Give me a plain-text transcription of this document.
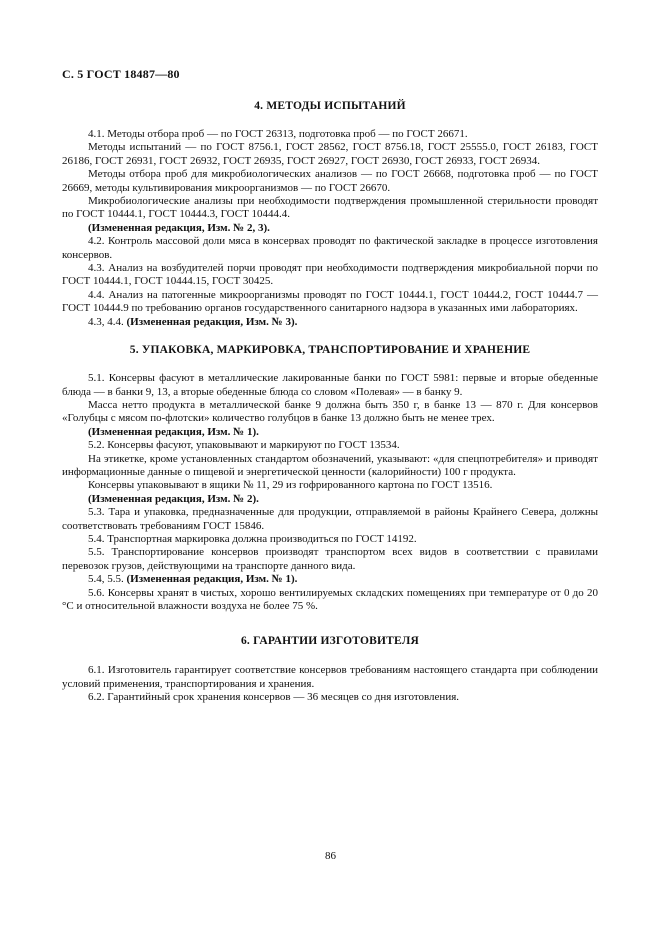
С. 5 ГОСТ 18487—80
4. МЕТОДЫ ИСПЫТАНИЙ

4.1. Методы отбора проб — по ГОСТ 26313, подготовка проб — по ГОСТ 26671.

Методы испытаний — по ГОСТ 8756.1, ГОСТ 28562, ГОСТ 8756.18, ГОСТ 25555.0, ГОСТ 26183, ГОСТ 26186, ГОСТ 26931, ГОСТ 26932, ГОСТ 26935, ГОСТ 26927, ГОСТ 26930, ГОСТ 26933, ГОСТ 26934.

Методы отбора проб для микробиологических анализов — по ГОСТ 26668, подготовка проб — по ГОСТ 26669, методы культивирования микроорганизмов — по ГОСТ 26670.

Микробиологические анализы при необходимости подтверждения промышленной стерильности проводят по ГОСТ 10444.1, ГОСТ 10444.3, ГОСТ 10444.4.

(Измененная редакция, Изм. № 2, 3).

4.2. Контроль массовой доли мяса в консервах проводят по фактической закладке в процессе изготовления консервов.

4.3. Анализ на возбудителей порчи проводят при необходимости подтверждения микробиальной порчи по ГОСТ 10444.1, ГОСТ 10444.15, ГОСТ 30425.

4.4. Анализ на патогенные микроорганизмы проводят по ГОСТ 10444.1, ГОСТ 10444.2, ГОСТ 10444.7 — ГОСТ 10444.9 по требованию органов государственного санитарного надзора в указанных ими лабораториях.

4.3, 4.4. (Измененная редакция, Изм. № 3).

5. УПАКОВКА, МАРКИРОВКА, ТРАНСПОРТИРОВАНИЕ И ХРАНЕНИЕ

5.1. Консервы фасуют в металлические лакированные банки по ГОСТ 5981: первые и вторые обеденные блюда — в банки 9, 13, а вторые обеденные блюда со словом «Полевая» — в банку 9.

Масса нетто продукта в металлической банке 9 должна быть 350 г, в банке 13 — 870 г. Для консервов «Голубцы с мясом по-флотски» количество голубцов в банке 13 должно быть не менее трех.

(Измененная редакция, Изм. № 1).

5.2. Консервы фасуют, упаковывают и маркируют по ГОСТ 13534.

На этикетке, кроме установленных стандартом обозначений, указывают: «для спецпотребителя» и приводят информационные данные о пищевой и энергетической ценности (калорийности) 100 г продукта.

Консервы упаковывают в ящики № 11, 29 из гофрированного картона по ГОСТ 13516.

(Измененная редакция, Изм. № 2).

5.3. Тара и упаковка, предназначенные для продукции, отправляемой в районы Крайнего Севера, должны соответствовать требованиям ГОСТ 15846.

5.4. Транспортная маркировка должна производиться по ГОСТ 14192.

5.5. Транспортирование консервов производят транспортом всех видов в соответствии с правилами перевозок грузов, действующими на транспорте данного вида.

5.4, 5.5. (Измененная редакция, Изм. № 1).

5.6. Консервы хранят в чистых, хорошо вентилируемых складских помещениях при температуре от 0 до 20 °С и относительной влажности воздуха не более 75 %.

6. ГАРАНТИИ ИЗГОТОВИТЕЛЯ

6.1. Изготовитель гарантирует соответствие консервов требованиям настоящего стандарта при соблюдении условий применения, транспортирования и хранения.

6.2. Гарантийный срок хранения консервов — 36 месяцев со дня изготовления.

86
